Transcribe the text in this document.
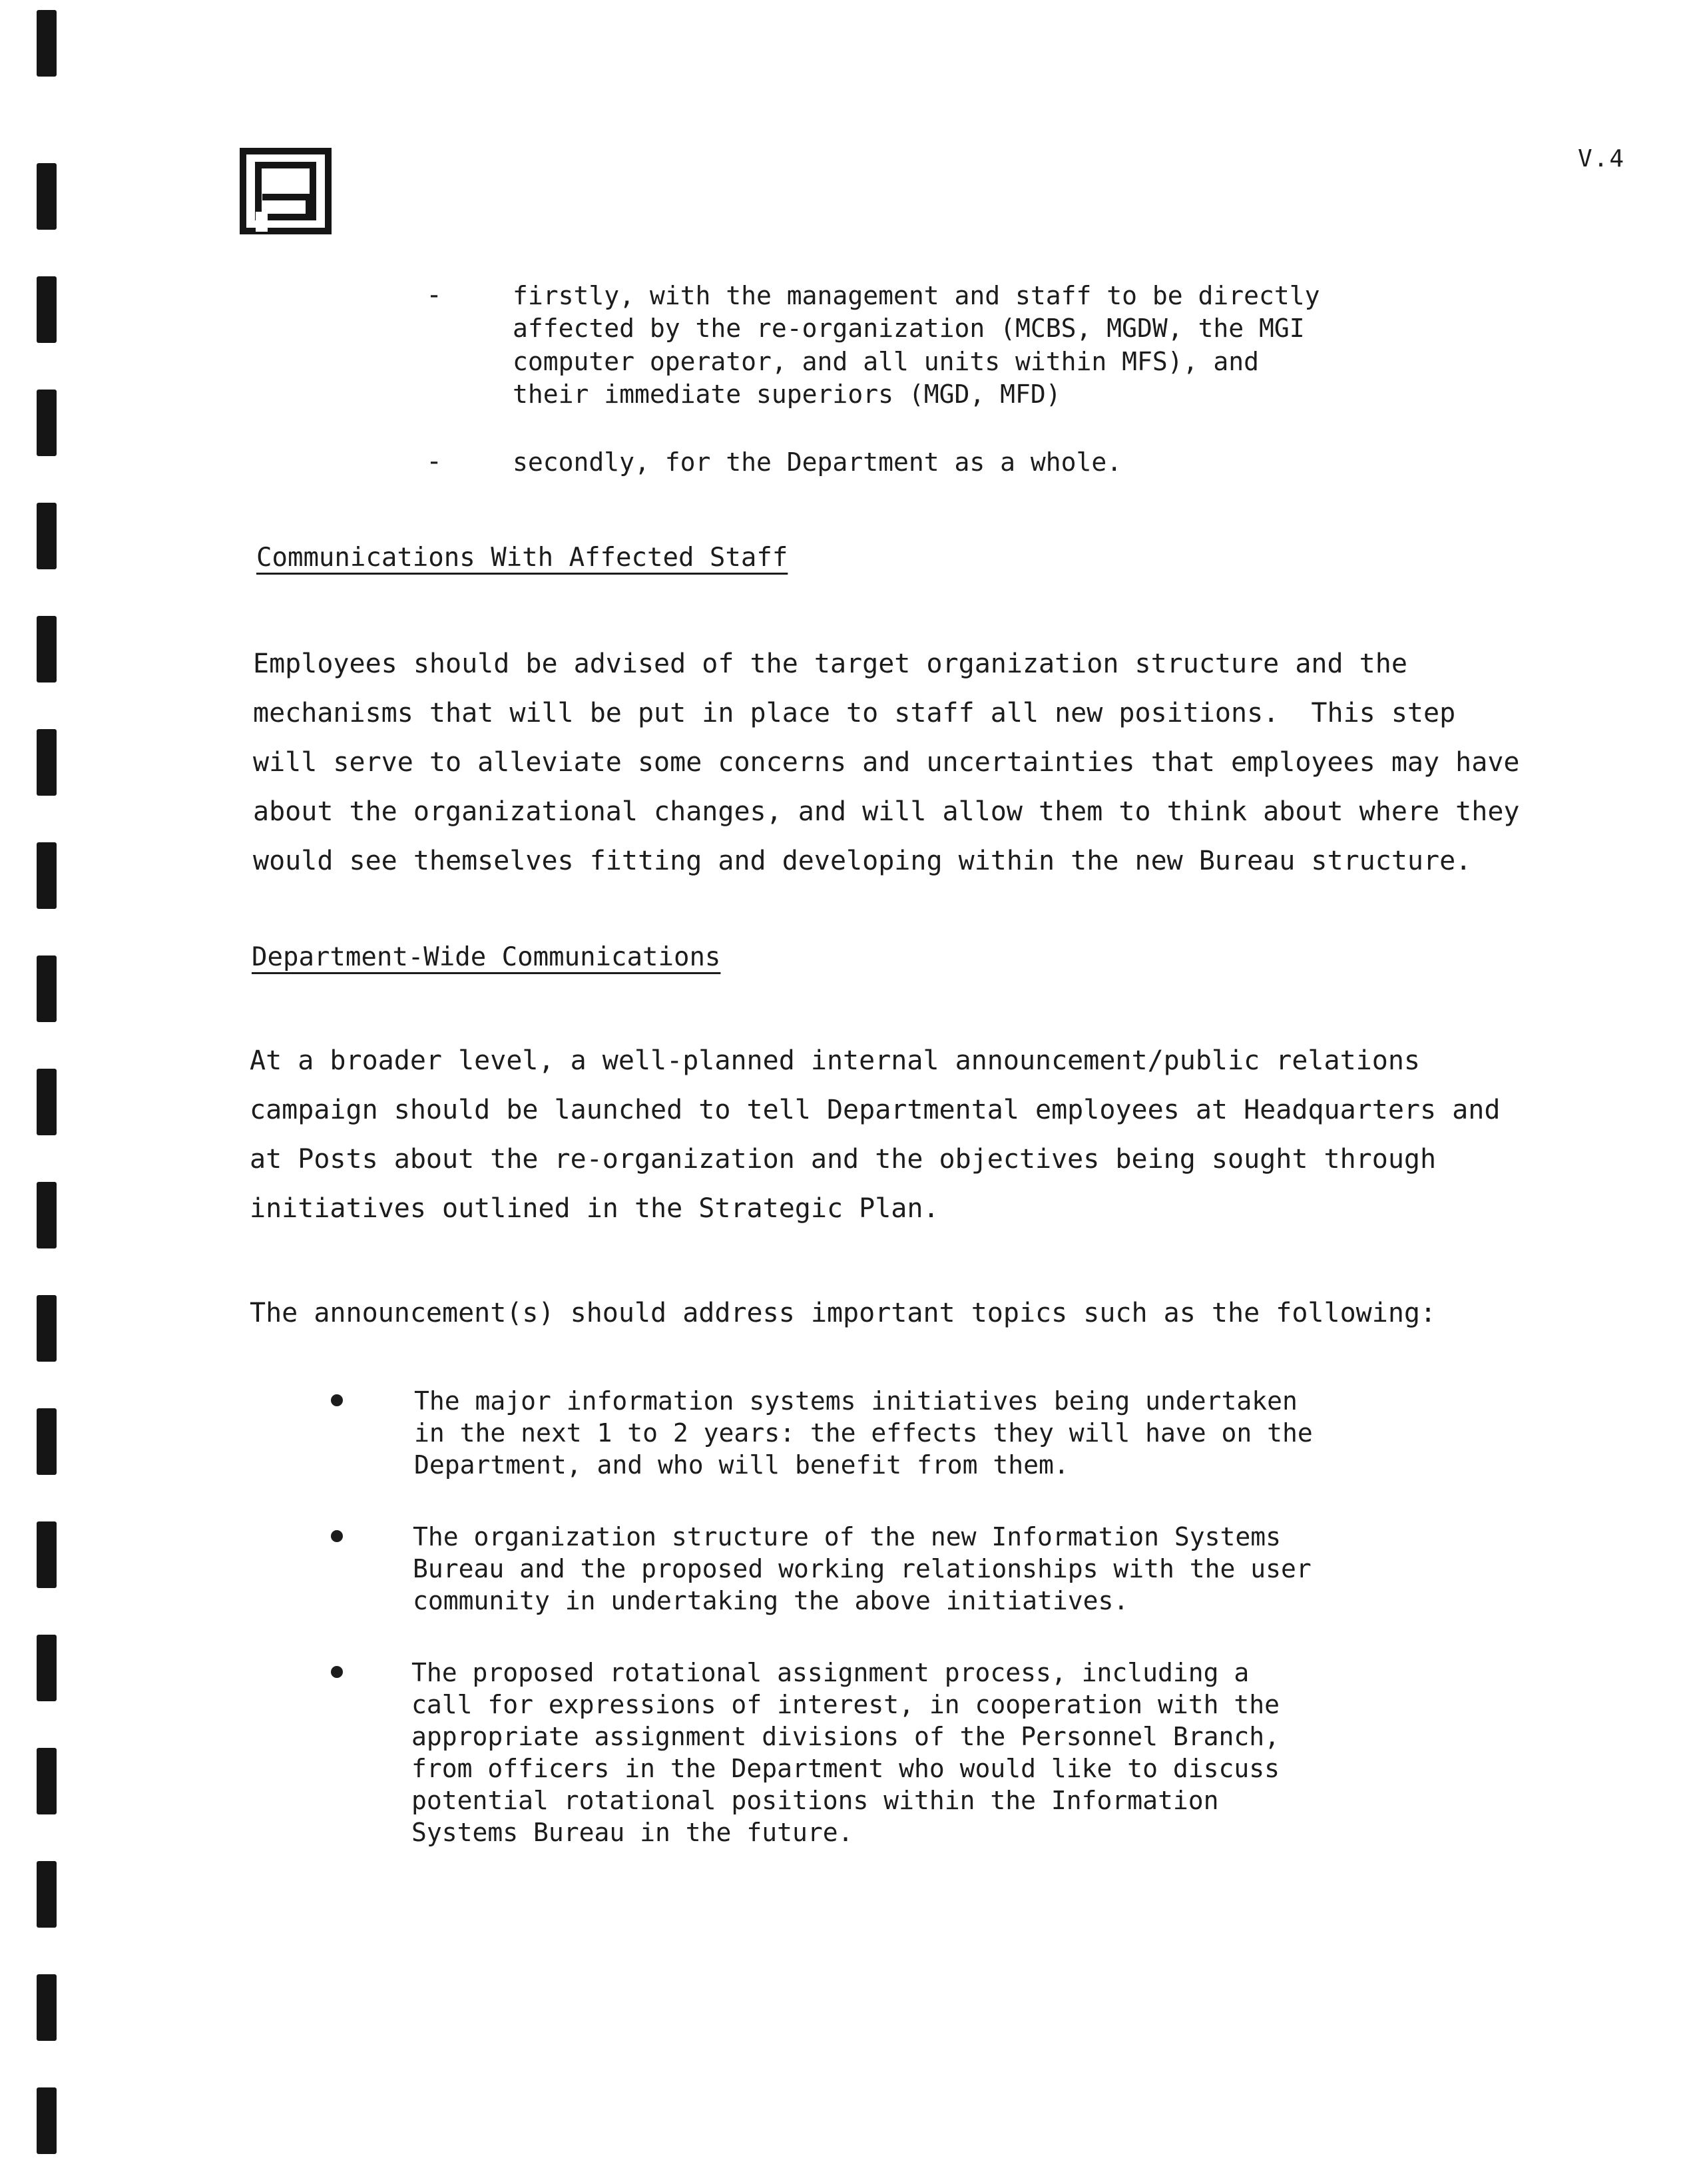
V.4
-	firstly, with the management and staff to be directly
affected by the re-organization (MCBS, MGDW, the MGI
computer operator, and all units within MFS), and
their immediate superiors (MGD, MFD)
-	secondly, for the Department as a whole.
Communications With Affected Staff
Employees should be advised of the target organization structure and the
mechanisms that will be put in place to staff all new positions.  This step
will serve to alleviate some concerns and uncertainties that employees may have
about the organizational changes, and will allow them to think about where they
would see themselves fitting and developing within the new Bureau structure.
Department-Wide Communications
At a broader level, a well-planned internal announcement/public relations
campaign should be launched to tell Departmental employees at Headquarters and
at Posts about the re-organization and the objectives being sought through
initiatives outlined in the Strategic Plan.
The announcement(s) should address important topics such as the following:
The major information systems initiatives being undertaken
in the next 1 to 2 years: the effects they will have on the
Department, and who will benefit from them.
The organization structure of the new Information Systems
Bureau and the proposed working relationships with the user
community in undertaking the above initiatives.
The proposed rotational assignment process, including a
call for expressions of interest, in cooperation with the
appropriate assignment divisions of the Personnel Branch,
from officers in the Department who would like to discuss
potential rotational positions within the Information
Systems Bureau in the future.
